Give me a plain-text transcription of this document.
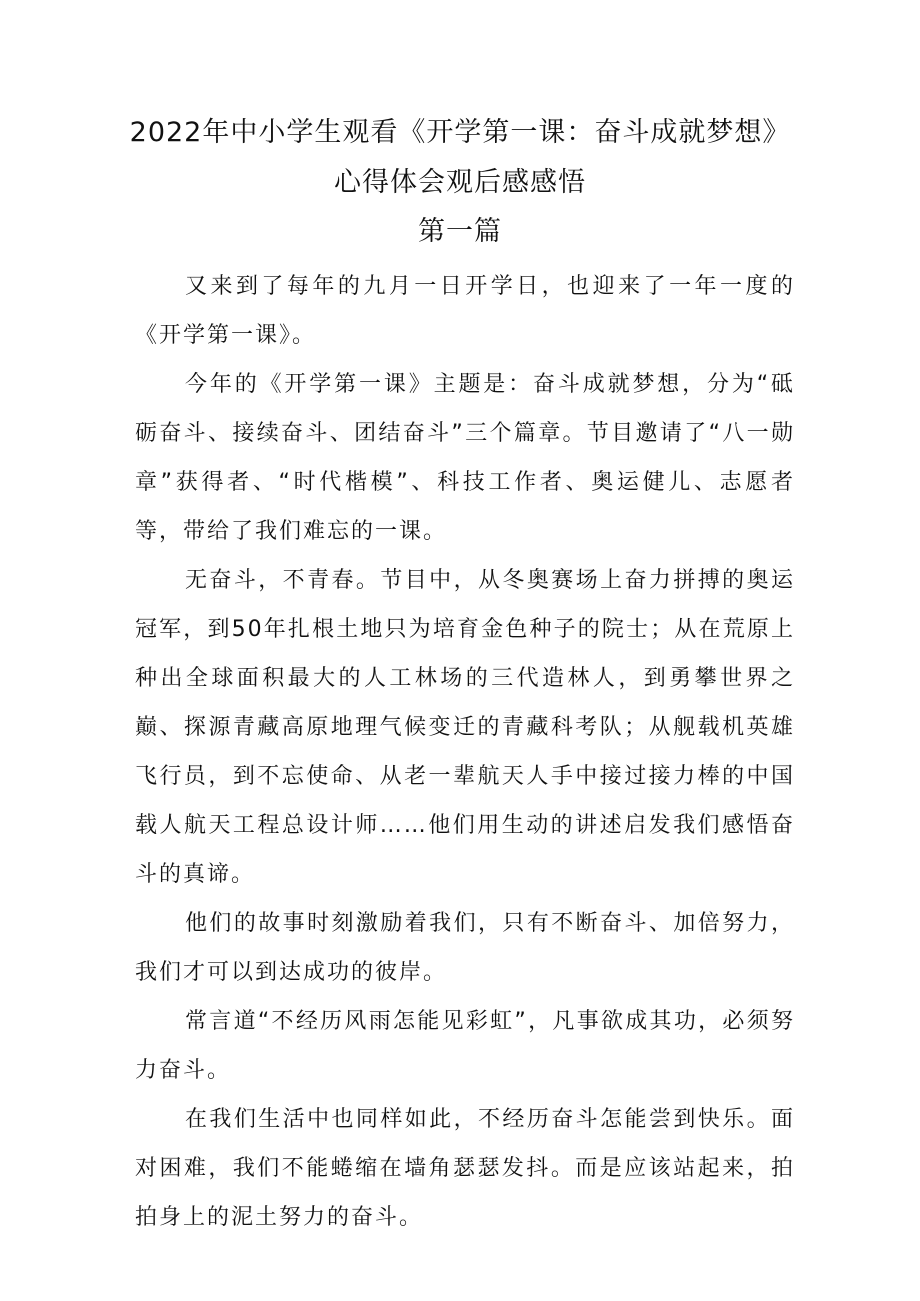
2022年中小学生观看《开学第一课：奋斗成就梦想》
心得体会观后感感悟
第一篇

又来到了每年的九月一日开学日，也迎来了一年一度的《开学第一课》。

今年的《开学第一课》主题是：奋斗成就梦想，分为“砥砺奋斗、接续奋斗、团结奋斗”三个篇章。节目邀请了“八一勋章”获得者、“时代楷模”、科技工作者、奥运健儿、志愿者等，带给了我们难忘的一课。

无奋斗，不青春。节目中，从冬奥赛场上奋力拼搏的奥运冠军，到50年扎根土地只为培育金色种子的院士；从在荒原上种出全球面积最大的人工林场的三代造林人，到勇攀世界之巅、探源青藏高原地理气候变迁的青藏科考队；从舰载机英雄飞行员，到不忘使命、从老一辈航天人手中接过接力棒的中国载人航天工程总设计师……他们用生动的讲述启发我们感悟奋斗的真谛。

他们的故事时刻激励着我们，只有不断奋斗、加倍努力，我们才可以到达成功的彼岸。

常言道“不经历风雨怎能见彩虹”，凡事欲成其功，必须努力奋斗。

在我们生活中也同样如此，不经历奋斗怎能尝到快乐。面对困难，我们不能蜷缩在墙角瑟瑟发抖。而是应该站起来，拍拍身上的泥土努力的奋斗。
